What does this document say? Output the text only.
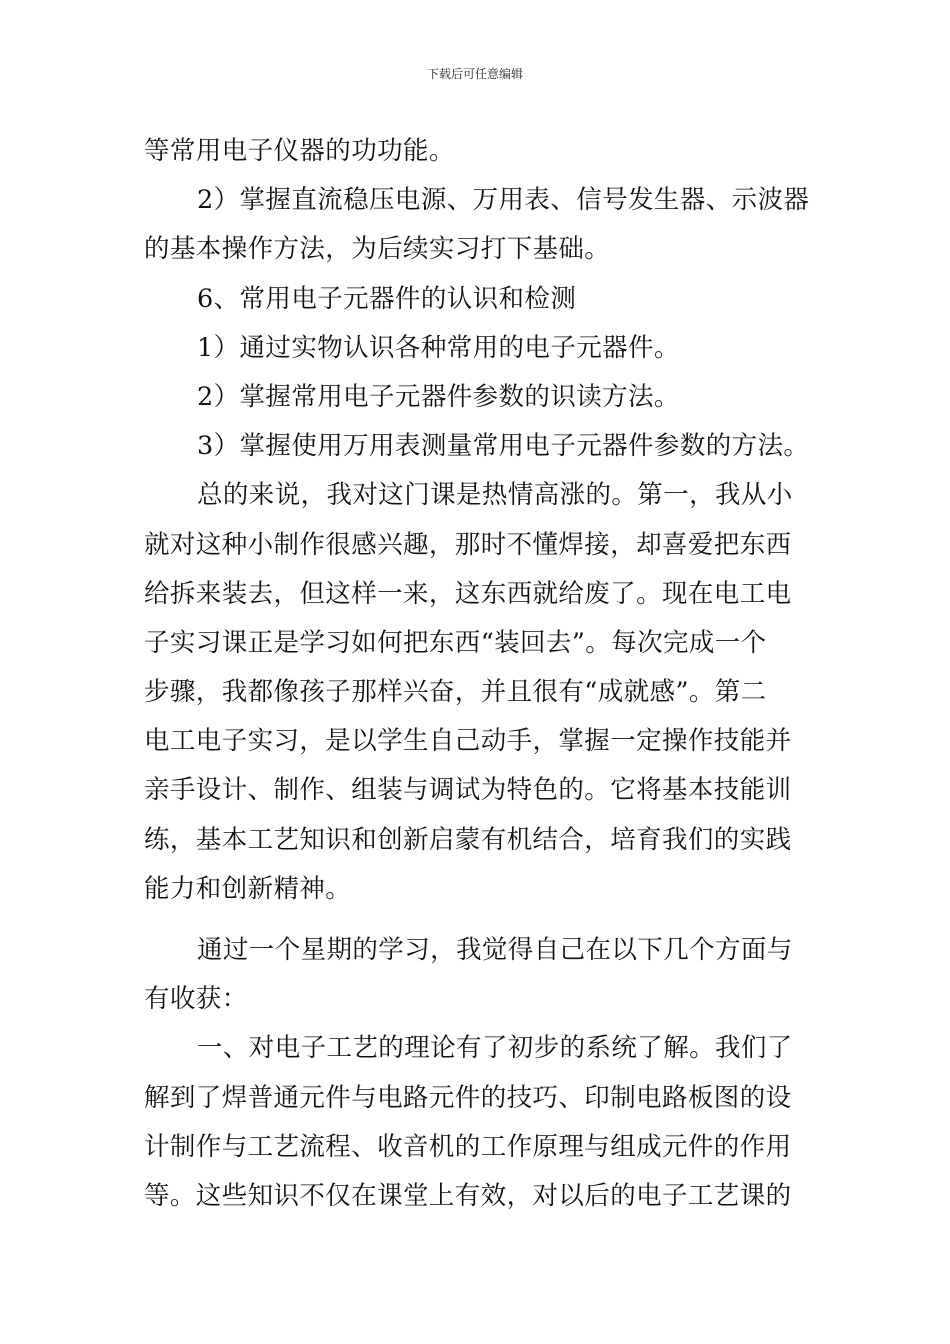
下载后可任意编辑
等常用电子仪器的功功能。
2）掌握直流稳压电源、万用表、信号发生器、示波器
的基本操作方法，为后续实习打下基础。
6、常用电子元器件的认识和检测
1）通过实物认识各种常用的电子元器件。
2）掌握常用电子元器件参数的识读方法。
3）掌握使用万用表测量常用电子元器件参数的方法。
总的来说，我对这门课是热情高涨的。第一，我从小
就对这种小制作很感兴趣，那时不懂焊接，却喜爱把东西
给拆来装去，但这样一来，这东西就给废了。现在电工电
子实习课正是学习如何把东西“装回去”。每次完成一个
步骤，我都像孩子那样兴奋，并且很有“成就感”。第二
电工电子实习，是以学生自己动手，掌握一定操作技能并
亲手设计、制作、组装与调试为特色的。它将基本技能训
练，基本工艺知识和创新启蒙有机结合，培育我们的实践
能力和创新精神。
通过一个星期的学习，我觉得自己在以下几个方面与
有收获：
一、对电子工艺的理论有了初步的系统了解。我们了
解到了焊普通元件与电路元件的技巧、印制电路板图的设
计制作与工艺流程、收音机的工作原理与组成元件的作用
等。这些知识不仅在课堂上有效，对以后的电子工艺课的
